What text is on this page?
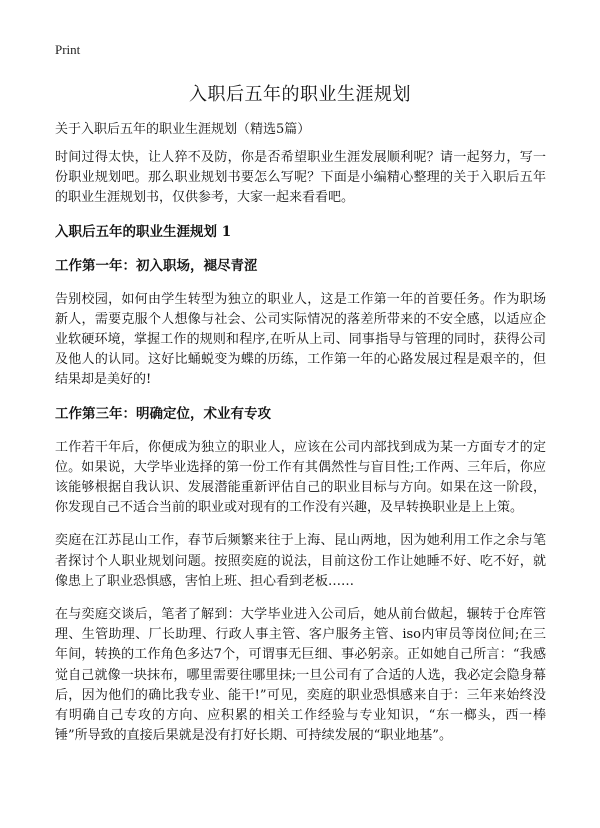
Print
入职后五年的职业生涯规划
关于入职后五年的职业生涯规划（精选5篇）

时间过得太快，让人猝不及防，你是否希望职业生涯发展顺利呢？请一起努力，写一份职业规划吧。那么职业规划书要怎么写呢？下面是小编精心整理的关于入职后五年的职业生涯规划书，仅供参考，大家一起来看看吧。

入职后五年的职业生涯规划 1
工作第一年：初入职场，褪尽青涩

告别校园，如何由学生转型为独立的职业人，这是工作第一年的首要任务。作为职场新人，需要克服个人想像与社会、公司实际情况的落差所带来的不安全感，以适应企业软硬环境，掌握工作的规则和程序,在听从上司、同事指导与管理的同时，获得公司及他人的认同。这好比蛹蜕变为蝶的历练，工作第一年的心路发展过程是艰辛的，但结果却是美好的!

工作第三年：明确定位，术业有专攻

工作若干年后，你便成为独立的职业人，应该在公司内部找到成为某一方面专才的定位。如果说，大学毕业选择的第一份工作有其偶然性与盲目性;工作两、三年后，你应该能够根据自我认识、发展潜能重新评估自己的职业目标与方向。如果在这一阶段，你发现自己不适合当前的职业或对现有的工作没有兴趣，及早转换职业是上上策。

奕庭在江苏昆山工作，春节后频繁来往于上海、昆山两地，因为她利用工作之余与笔者探讨个人职业规划问题。按照奕庭的说法，目前这份工作让她睡不好、吃不好，就像患上了职业恐惧感，害怕上班、担心看到老板……

在与奕庭交谈后，笔者了解到：大学毕业进入公司后，她从前台做起，辗转于仓库管理、生管助理、厂长助理、行政人事主管、客户服务主管、iso内审员等岗位间;在三年间，转换的工作角色多达7个，可谓事无巨细、事必躬亲。正如她自己所言：“我感觉自己就像一块抹布，哪里需要往哪里抹;一旦公司有了合适的人选，我必定会隐身幕后，因为他们的确比我专业、能干!”可见，奕庭的职业恐惧感来自于：三年来始终没有明确自己专攻的方向、应积累的相关工作经验与专业知识，“东一榔头，西一棒锤”所导致的直接后果就是没有打好长期、可持续发展的“职业地基”。
